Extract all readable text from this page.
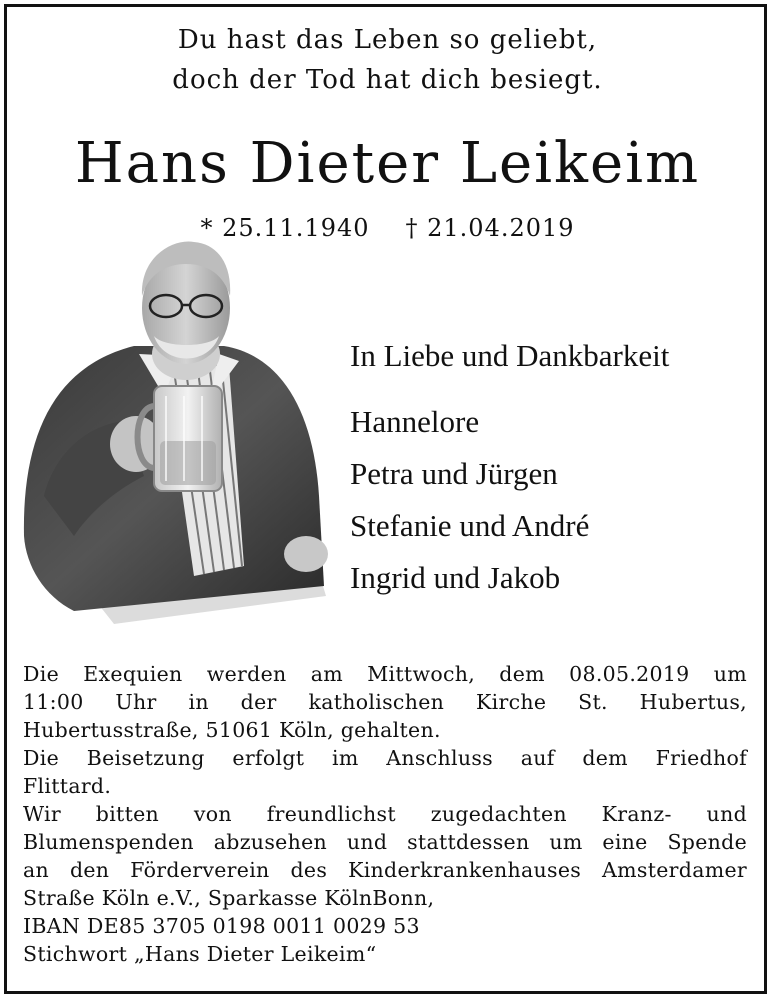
Du hast das Leben so geliebt,
doch der Tod hat dich besiegt.
Hans Dieter Leikeim
* 25.11.1940 † 21.04.2019
In Liebe und Dankbarkeit
Hannelore
Petra und Jürgen
Stefanie und André
Ingrid und Jakob
Die Exequien werden am Mittwoch, dem 08.05.2019 um
11:00 Uhr in der katholischen Kirche St. Hubertus,
Hubertusstraße, 51061 Köln, gehalten.
Die Beisetzung erfolgt im Anschluss auf dem Friedhof
Flittard.
Wir bitten von freundlichst zugedachten Kranz- und
Blumenspenden abzusehen und stattdessen um eine Spende
an den Förderverein des Kinderkrankenhauses Amsterdamer
Straße Köln e.V., Sparkasse KölnBonn,
IBAN DE85 3705 0198 0011 0029 53
Stichwort „Hans Dieter Leikeim“
